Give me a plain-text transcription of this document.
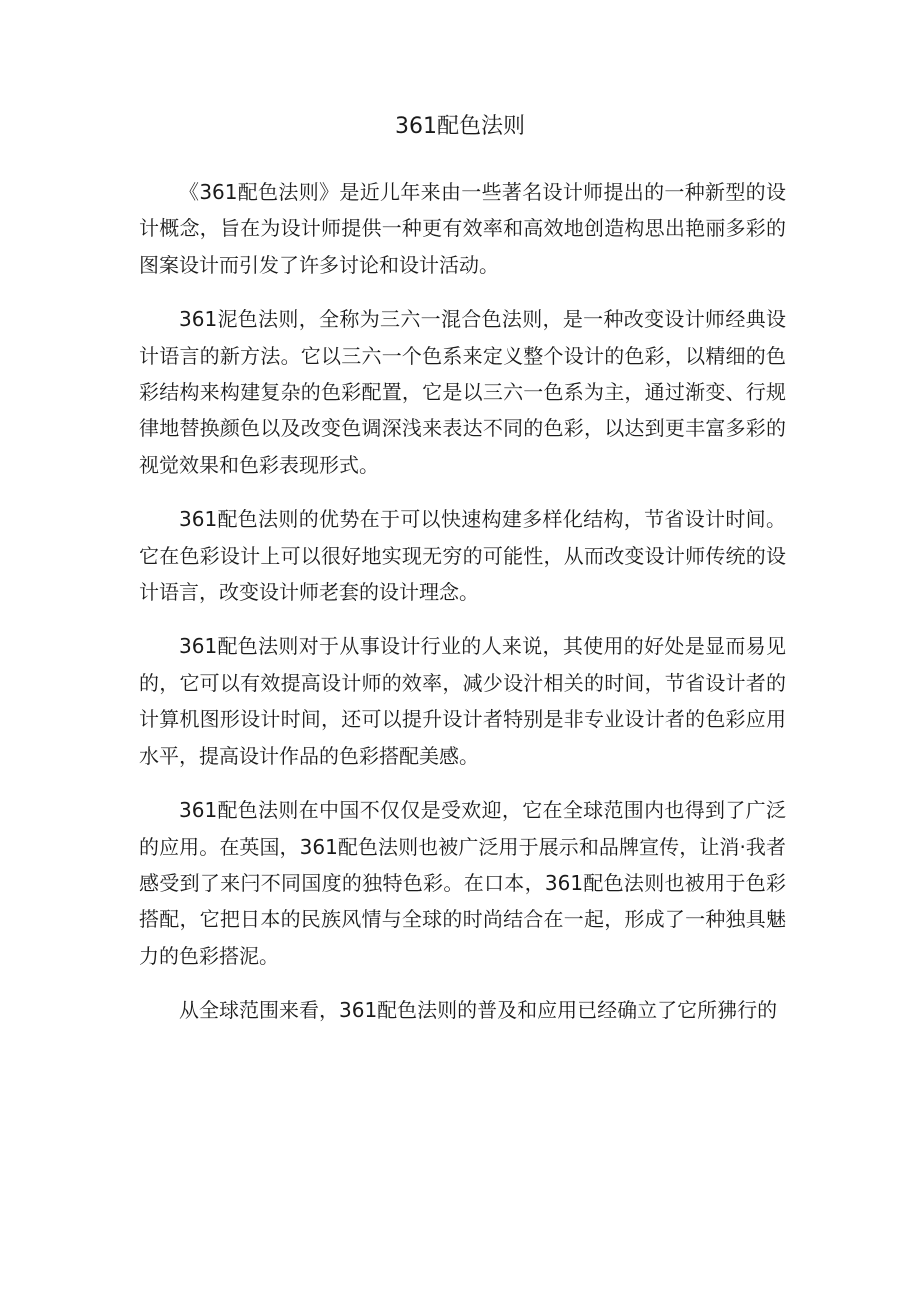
361配色法则

《361配色法则》是近儿年来由一些著名设计师提出的一种新型的设计概念，旨在为设计师提供一种更有效率和高效地创造构思出艳丽多彩的图案设计而引发了许多讨论和设计活动。

361泥色法则，全称为三六一混合色法则，是一种改变设计师经典设计语言的新方法。它以三六一个色系来定义整个设计的色彩，以精细的色彩结构来构建复杂的色彩配置，它是以三六一色系为主，通过渐变、行规律地替换颜色以及改变色调深浅来表达不同的色彩，以达到更丰富多彩的视觉效果和色彩表现形式。

361配色法则的优势在于可以快速构建多样化结构，节省设计时间。它在色彩设计上可以很好地实现无穷的可能性，从而改变设计师传统的设计语言，改变设计师老套的设计理念。

361配色法则对于从事设计行业的人来说，其使用的好处是显而易见的，它可以有效提高设计师的效率，减少设汁相关的时间，节省设计者的计算机图形设计时间，还可以提升设计者特别是非专业设计者的色彩应用水平，提高设计作品的色彩搭配美感。

361配色法则在中国不仅仅是受欢迎，它在全球范围内也得到了广泛的应用。在英国，361配色法则也被广泛用于展示和品牌宣传，让消·我者感受到了来闩不同国度的独特色彩。在口本，361配色法则也被用于色彩搭配，它把日本的民族风情与全球的时尚结合在一起，形成了一种独具魅力的色彩搭泥。

从全球范围来看，361配色法则的普及和应用已经确立了它所狒行的
